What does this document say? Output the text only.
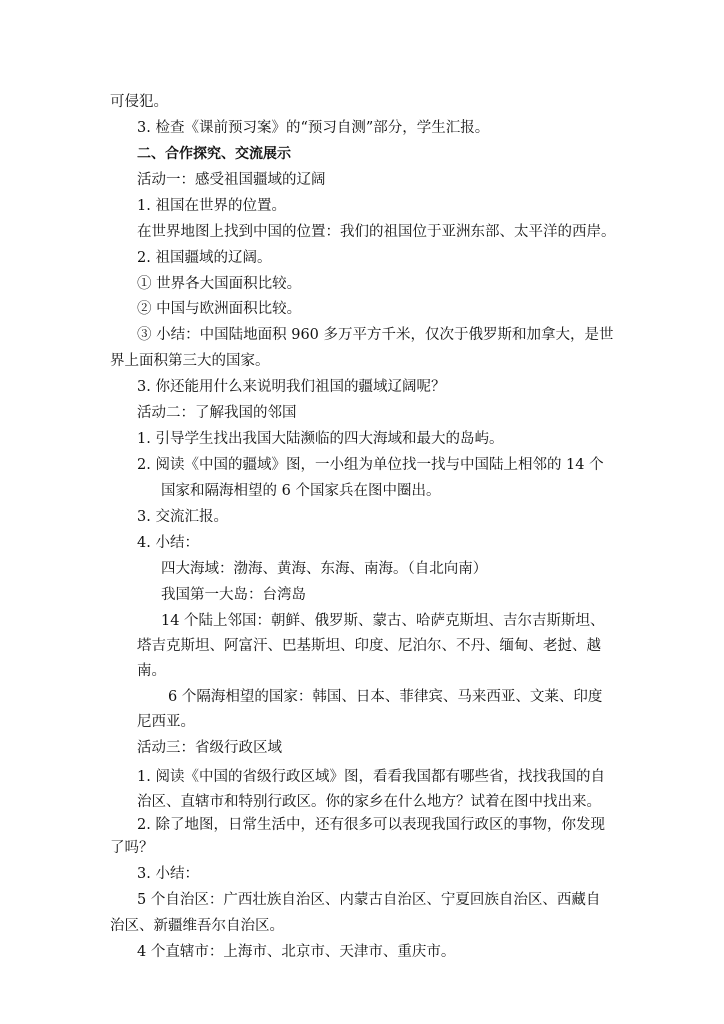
可侵犯。
3. 检查《课前预习案》的“预习自测”部分，学生汇报。
二、合作探究、交流展示
活动一：感受祖国疆域的辽阔
1. 祖国在世界的位置。
在世界地图上找到中国的位置：我们的祖国位于亚洲东部、太平洋的西岸。
2. 祖国疆域的辽阔。
① 世界各大国面积比较。
② 中国与欧洲面积比较。
③ 小结：中国陆地面积 960 多万平方千米，仅次于俄罗斯和加拿大，是世
界上面积第三大的国家。
3. 你还能用什么来说明我们祖国的疆域辽阔呢？
活动二：了解我国的邻国
1. 引导学生找出我国大陆濒临的四大海域和最大的岛屿。
2. 阅读《中国的疆域》图，一小组为单位找一找与中国陆上相邻的 14 个
国家和隔海相望的 6 个国家兵在图中圈出。
3. 交流汇报。
4. 小结：
四大海域：渤海、黄海、东海、南海。（自北向南）
我国第一大岛：台湾岛
14 个陆上邻国：朝鲜、俄罗斯、蒙古、哈萨克斯坦、吉尔吉斯斯坦、
塔吉克斯坦、阿富汗、巴基斯坦、印度、尼泊尔、不丹、缅甸、老挝、越
南。
6 个隔海相望的国家：韩国、日本、菲律宾、马来西亚、文莱、印度
尼西亚。
活动三：省级行政区域
1. 阅读《中国的省级行政区域》图，看看我国都有哪些省，找找我国的自
治区、直辖市和特别行政区。你的家乡在什么地方？试着在图中找出来。
2. 除了地图，日常生活中，还有很多可以表现我国行政区的事物，你发现
了吗？
3. 小结：
5 个自治区：广西壮族自治区、内蒙古自治区、宁夏回族自治区、西藏自
治区、新疆维吾尔自治区。
4 个直辖市：上海市、北京市、天津市、重庆市。
